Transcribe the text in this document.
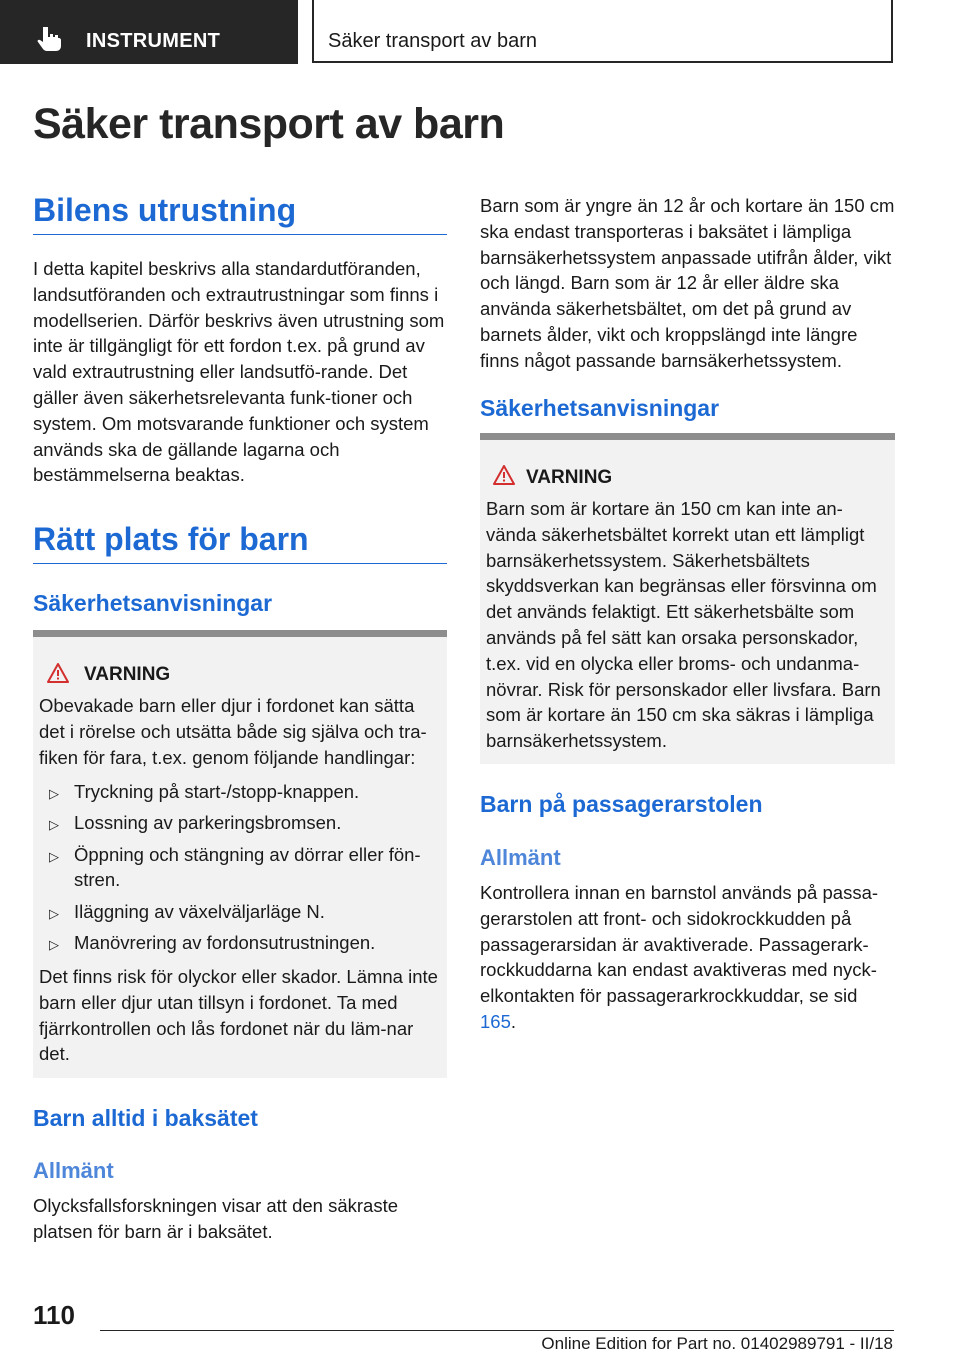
INSTRUMENT	Säker transport av barn
Säker transport av barn
Bilens utrustning

I detta kapitel beskrivs alla standardutföranden, landsutföranden och extrautrustningar som finns i modellserien. Därför beskrivs även utrustning som inte är tillgängligt för ett fordon t.ex. på grund av vald extrautrustning eller landsutfö‐rande. Det gäller även säkerhetsrelevanta funk‐tioner och system. Om motsvarande funktioner och system används ska de gällande lagarna och bestämmelserna beaktas.

Rätt plats för barn
Säkerhetsanvisningar
VARNING

Obevakade barn eller djur i fordonet kan sätta det i rörelse och utsätta både sig själva och tra‐fiken för fara, t.ex. genom följande handlingar:

▷ Tryckning på start-/stopp-knappen.
▷ Lossning av parkeringsbromsen.
▷ Öppning och stängning av dörrar eller fön‐stren.
▷ Iläggning av växelväljarläge N.
▷ Manövrering av fordonsutrustningen.

Det finns risk för olyckor eller skador. Lämna inte barn eller djur utan tillsyn i fordonet. Ta med fjärrkontrollen och lås fordonet när du läm‐nar det.

Barn alltid i baksätet
Allmänt

Olycksfallsforskningen visar att den säkraste platsen för barn är i baksätet.

Barn som är yngre än 12 år och kortare än 150 cm ska endast transporteras i baksätet i lämpliga barnsäkerhetssystem anpassade utifrån ålder, vikt och längd. Barn som är 12 år eller äldre ska använda säkerhetsbältet, om det på grund av barnets ålder, vikt och kroppslängd inte längre finns något passande barnsäkerhetssystem.

Säkerhetsanvisningar
VARNING

Barn som är kortare än 150 cm kan inte an‐vända säkerhetsbältet korrekt utan ett lämpligt barnsäkerhetssystem. Säkerhetsbältets skyddsverkan kan begränsas eller försvinna om det används felaktigt. Ett säkerhetsbälte som används på fel sätt kan orsaka personskador, t.ex. vid en olycka eller broms- och undanma‐növrar. Risk för personskador eller livsfara. Barn som är kortare än 150 cm ska säkras i lämpliga barnsäkerhetssystem.

Barn på passagerarstolen
Allmänt

Kontrollera innan en barnstol används på passa‐gerarstolen att front- och sidokrockkudden på passagerarsidan är avaktiverade. Passagerark‐rockkuddarna kan endast avaktiveras med nyck‐elkontakten för passagerarkrockkuddar, se sid 165.

110
Online Edition for Part no. 01402989791 - II/18
